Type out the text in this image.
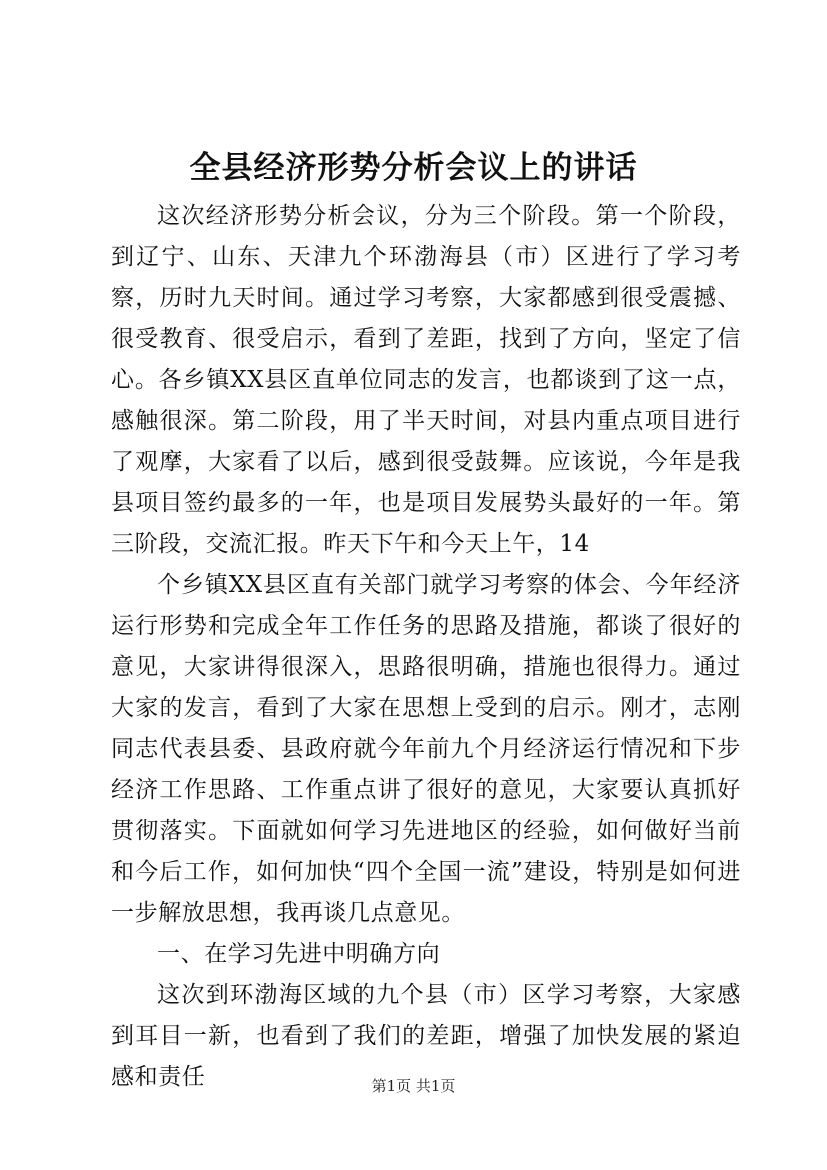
全县经济形势分析会议上的讲话

这次经济形势分析会议，分为三个阶段。第一个阶段，到辽宁、山东、天津九个环渤海县（市）区进行了学习考察，历时九天时间。通过学习考察，大家都感到很受震撼、很受教育、很受启示，看到了差距，找到了方向，坚定了信心。各乡镇XX县区直单位同志的发言，也都谈到了这一点，感触很深。第二阶段，用了半天时间，对县内重点项目进行了观摩，大家看了以后，感到很受鼓舞。应该说，今年是我县项目签约最多的一年，也是项目发展势头最好的一年。第三阶段，交流汇报。昨天下午和今天上午，14

个乡镇XX县区直有关部门就学习考察的体会、今年经济运行形势和完成全年工作任务的思路及措施，都谈了很好的意见，大家讲得很深入，思路很明确，措施也很得力。通过大家的发言，看到了大家在思想上受到的启示。刚才，志刚同志代表县委、县政府就今年前九个月经济运行情况和下步经济工作思路、工作重点讲了很好的意见，大家要认真抓好贯彻落实。下面就如何学习先进地区的经验，如何做好当前和今后工作，如何加快“四个全国一流”建设，特别是如何进一步解放思想，我再谈几点意见。

一、在学习先进中明确方向

这次到环渤海区域的九个县（市）区学习考察，大家感到耳目一新，也看到了我们的差距，增强了加快发展的紧迫感和责任	第1页 共1页
